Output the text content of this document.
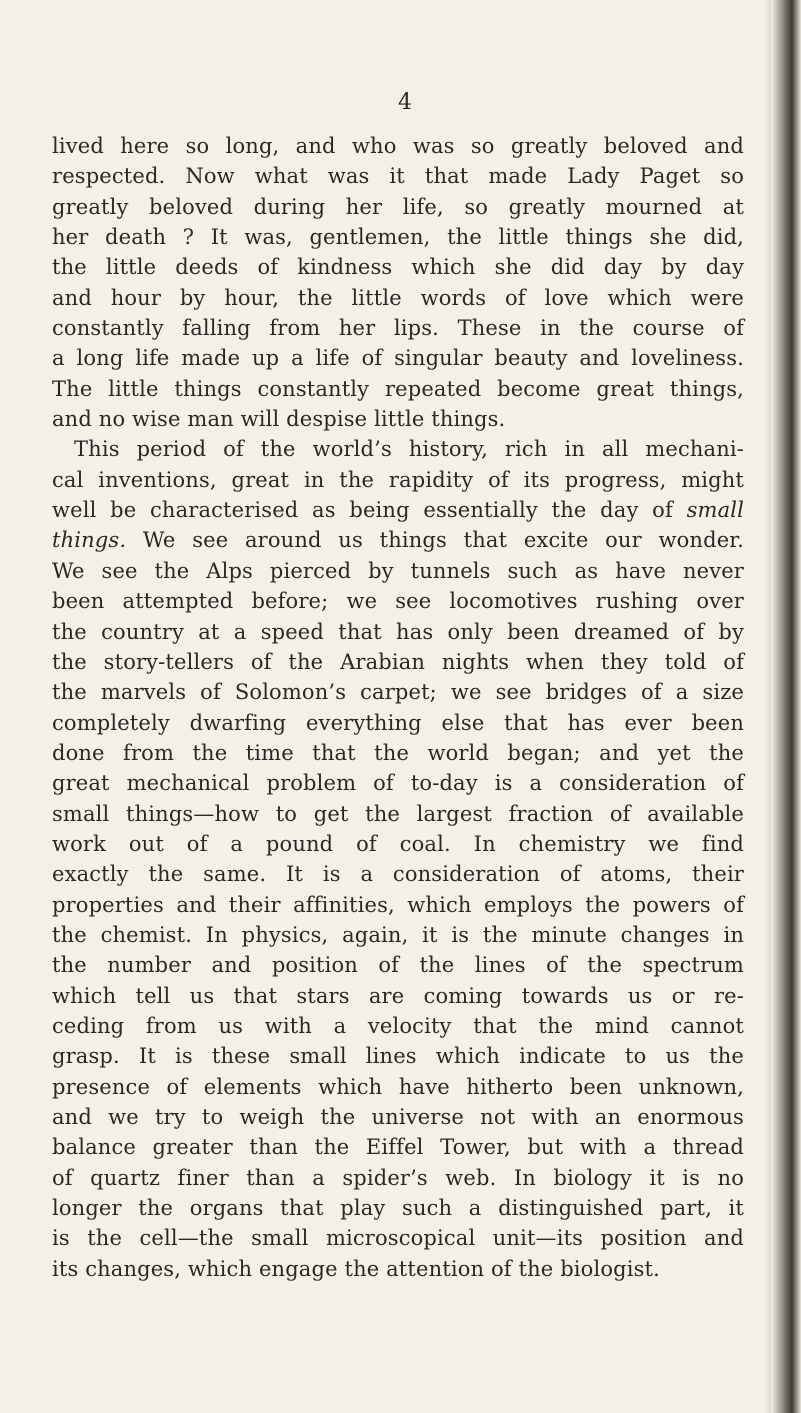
4
lived here so long, and who was so greatly beloved and
respected. Now what was it that made Lady Paget so
greatly beloved during her life, so greatly mourned at
her death ? It was, gentlemen, the little things she did,
the little deeds of kindness which she did day by day
and hour by hour, the little words of love which were
constantly falling from her lips. These in the course of
a long life made up a life of singular beauty and loveliness.
The little things constantly repeated become great things,
and no wise man will despise little things.
This period of the world’s history, rich in all mechani-
cal inventions, great in the rapidity of its progress, might
well be characterised as being essentially the day of small
things. We see around us things that excite our wonder.
We see the Alps pierced by tunnels such as have never
been attempted before; we see locomotives rushing over
the country at a speed that has only been dreamed of by
the story-tellers of the Arabian nights when they told of
the marvels of Solomon’s carpet; we see bridges of a size
completely dwarfing everything else that has ever been
done from the time that the world began; and yet the
great mechanical problem of to-day is a consideration of
small things—how to get the largest fraction of available
work out of a pound of coal. In chemistry we find
exactly the same. It is a consideration of atoms, their
properties and their affinities, which employs the powers of
the chemist. In physics, again, it is the minute changes in
the number and position of the lines of the spectrum
which tell us that stars are coming towards us or re-
ceding from us with a velocity that the mind cannot
grasp. It is these small lines which indicate to us the
presence of elements which have hitherto been unknown,
and we try to weigh the universe not with an enormous
balance greater than the Eiffel Tower, but with a thread
of quartz finer than a spider’s web. In biology it is no
longer the organs that play such a distinguished part, it
is the cell—the small microscopical unit—its position and
its changes, which engage the attention of the biologist.
